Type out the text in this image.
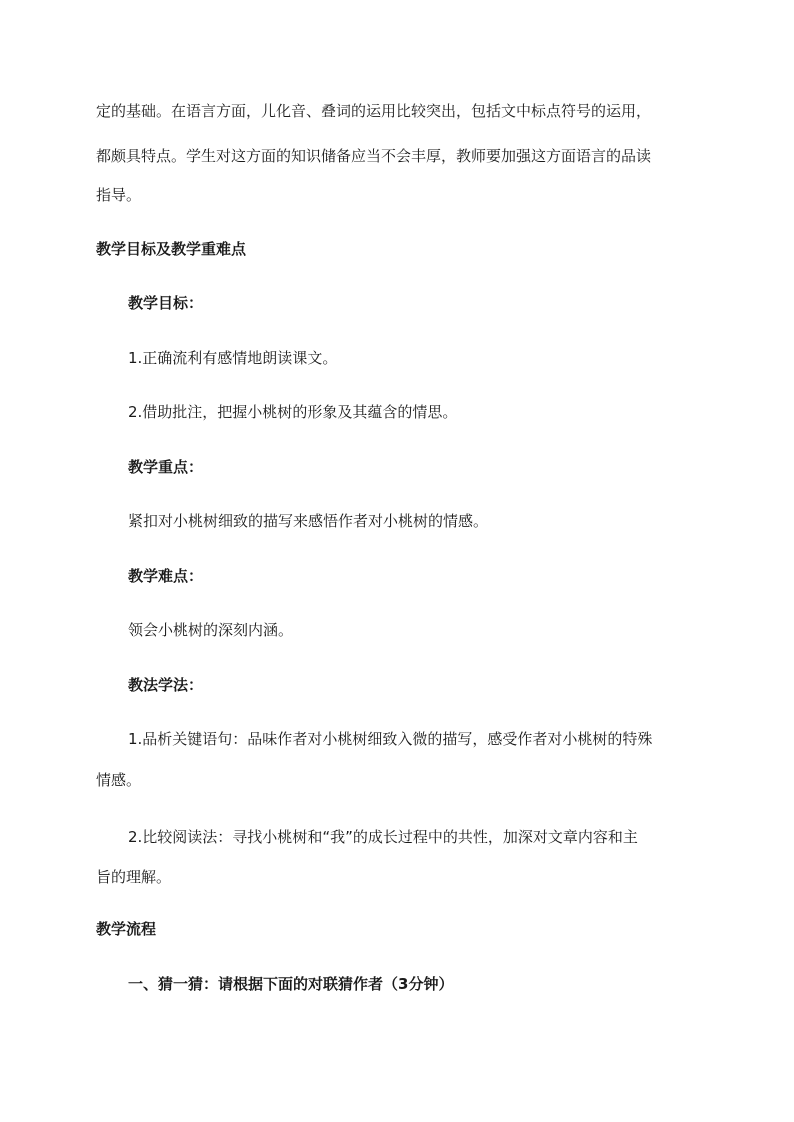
定的基础。在语言方面，儿化音、叠词的运用比较突出，包括文中标点符号的运用，
都颇具特点。学生对这方面的知识储备应当不会丰厚，教师要加强这方面语言的品读
指导。
教学目标及教学重难点
教学目标：
1.正确流利有感情地朗读课文。
2.借助批注，把握小桃树的形象及其蕴含的情思。
教学重点：
紧扣对小桃树细致的描写来感悟作者对小桃树的情感。
教学难点：
领会小桃树的深刻内涵。
教法学法：
1.品析关键语句：品味作者对小桃树细致入微的描写，感受作者对小桃树的特殊
情感。
2.比较阅读法：寻找小桃树和“我”的成长过程中的共性，加深对文章内容和主
旨的理解。
教学流程
一、猜一猜：请根据下面的对联猜作者（3分钟）
